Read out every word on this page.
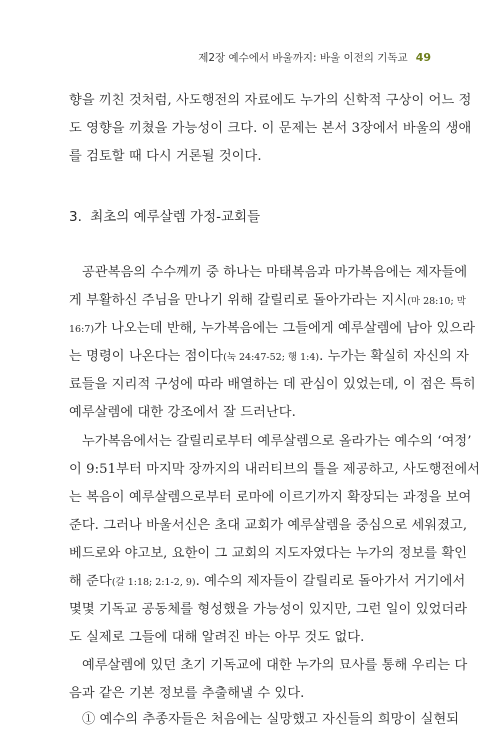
제2장 예수에서 바울까지: 바울 이전의 기독교 49
향을 끼친 것처럼, 사도행전의 자료에도 누가의 신학적 구상이 어느 정
도 영향을 끼쳤을 가능성이 크다. 이 문제는 본서 3장에서 바울의 생애
를 검토할 때 다시 거론될 것이다.
3. 최초의 예루살렘 가정-교회들
공관복음의 수수께끼 중 하나는 마태복음과 마가복음에는 제자들에
게 부활하신 주님을 만나기 위해 갈릴리로 돌아가라는 지시(마 28:10; 막
16:7)가 나오는데 반해, 누가복음에는 그들에게 예루살렘에 남아 있으라
는 명령이 나온다는 점이다(눅 24:47-52; 행 1:4). 누가는 확실히 자신의 자
료들을 지리적 구성에 따라 배열하는 데 관심이 있었는데, 이 점은 특히
예루살렘에 대한 강조에서 잘 드러난다.
누가복음에서는 갈릴리로부터 예루살렘으로 올라가는 예수의 ‘여정’
이 9:51부터 마지막 장까지의 내러티브의 틀을 제공하고, 사도행전에서
는 복음이 예루살렘으로부터 로마에 이르기까지 확장되는 과정을 보여
준다. 그러나 바울서신은 초대 교회가 예루살렘을 중심으로 세워졌고,
베드로와 야고보, 요한이 그 교회의 지도자였다는 누가의 정보를 확인
해 준다(갈 1:18; 2:1-2, 9). 예수의 제자들이 갈릴리로 돌아가서 거기에서
몇몇 기독교 공동체를 형성했을 가능성이 있지만, 그런 일이 있었더라
도 실제로 그들에 대해 알려진 바는 아무 것도 없다.
예루살렘에 있던 초기 기독교에 대한 누가의 묘사를 통해 우리는 다
음과 같은 기본 정보를 추출해낼 수 있다.
① 예수의 추종자들은 처음에는 실망했고 자신들의 희망이 실현되
